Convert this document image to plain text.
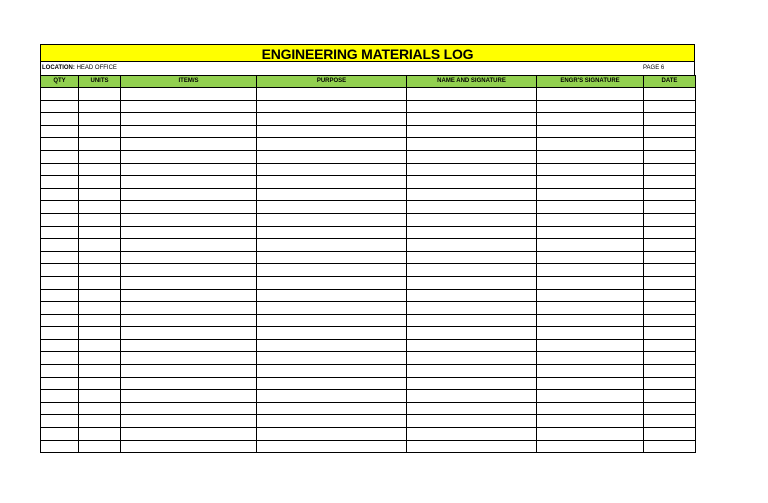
ENGINEERING MATERIALS LOG
LOCATION: HEAD OFFICE	PAGE 6
QTY	UNITS	ITEM/S	PURPOSE	NAME AND SIGNATURE	ENGR'S SIGNATURE	DATE
